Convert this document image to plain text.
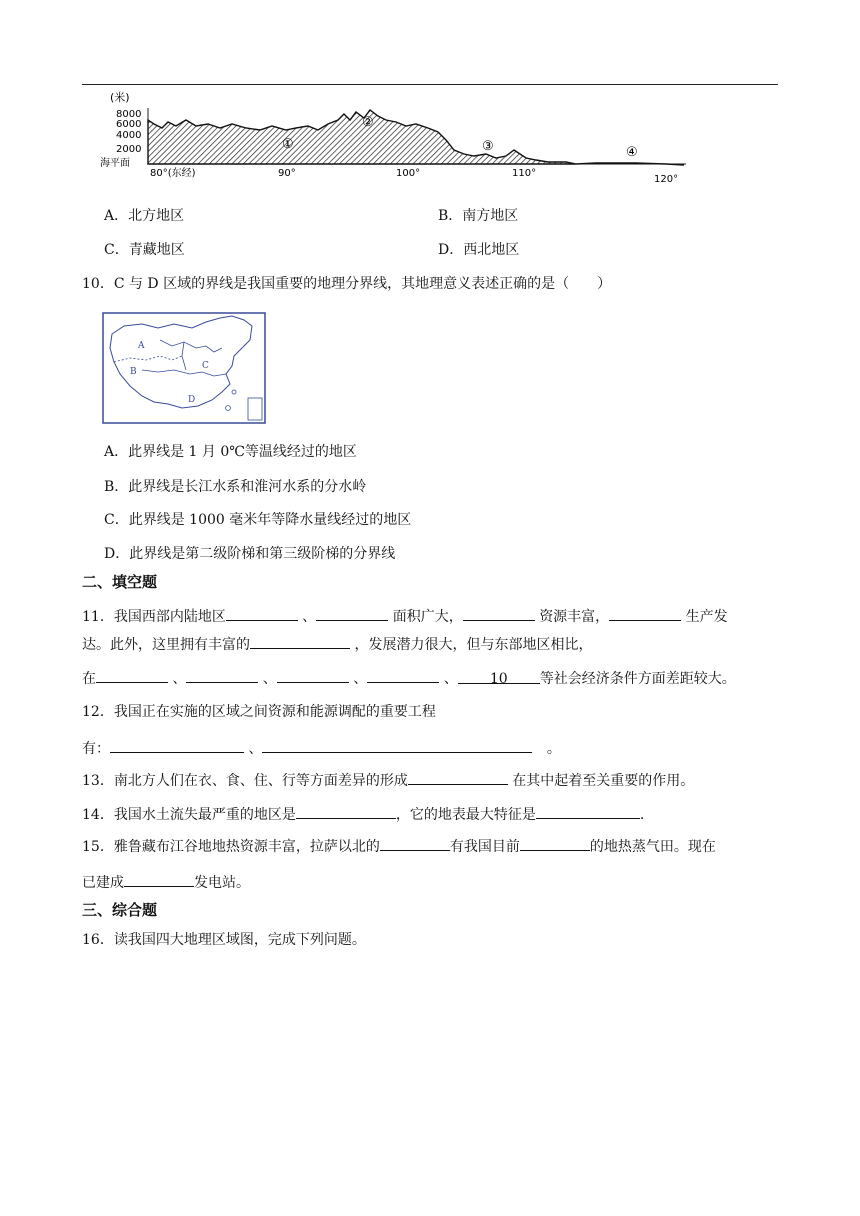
(米)
8000
6000
4000
2000
海平面
①
②
③	④
80°(东经)	90°	100°	110°
120°
A．北方地区	B．南方地区
C．青藏地区	D．西北地区
10．C 与 D 区域的界线是我国重要的地理分界线，其地理意义表述正确的是（　　）
A
B
C
D
A．此界线是 1 月 0℃等温线经过的地区
B．此界线是长江水系和淮河水系的分水岭
C．此界线是 1000 毫米年等降水量线经过的地区
D．此界线是第二级阶梯和第三级阶梯的分界线
二、填空题
11．我国西部内陆地区	、	面积广大，	资源丰富，	生产发
达。此外，这里拥有丰富的	，发展潜力很大，但与东部地区相比，
在	、	、	、	、 10 等社会经济条件方面差距较大。
12．我国正在实施的区域之间资源和能源调配的重要工程
有：	、	。
13．南北方人们在衣、食、住、行等方面差异的形成	在其中起着至关重要的作用。
14．我国水土流失最严重的地区是	，它的地表最大特征是	.
15．雅鲁藏布江谷地地热资源丰富，拉萨以北的	有我国目前	的地热蒸气田。现在
已建成	发电站。
三、综合题
16．读我国四大地理区域图，完成下列问题。
